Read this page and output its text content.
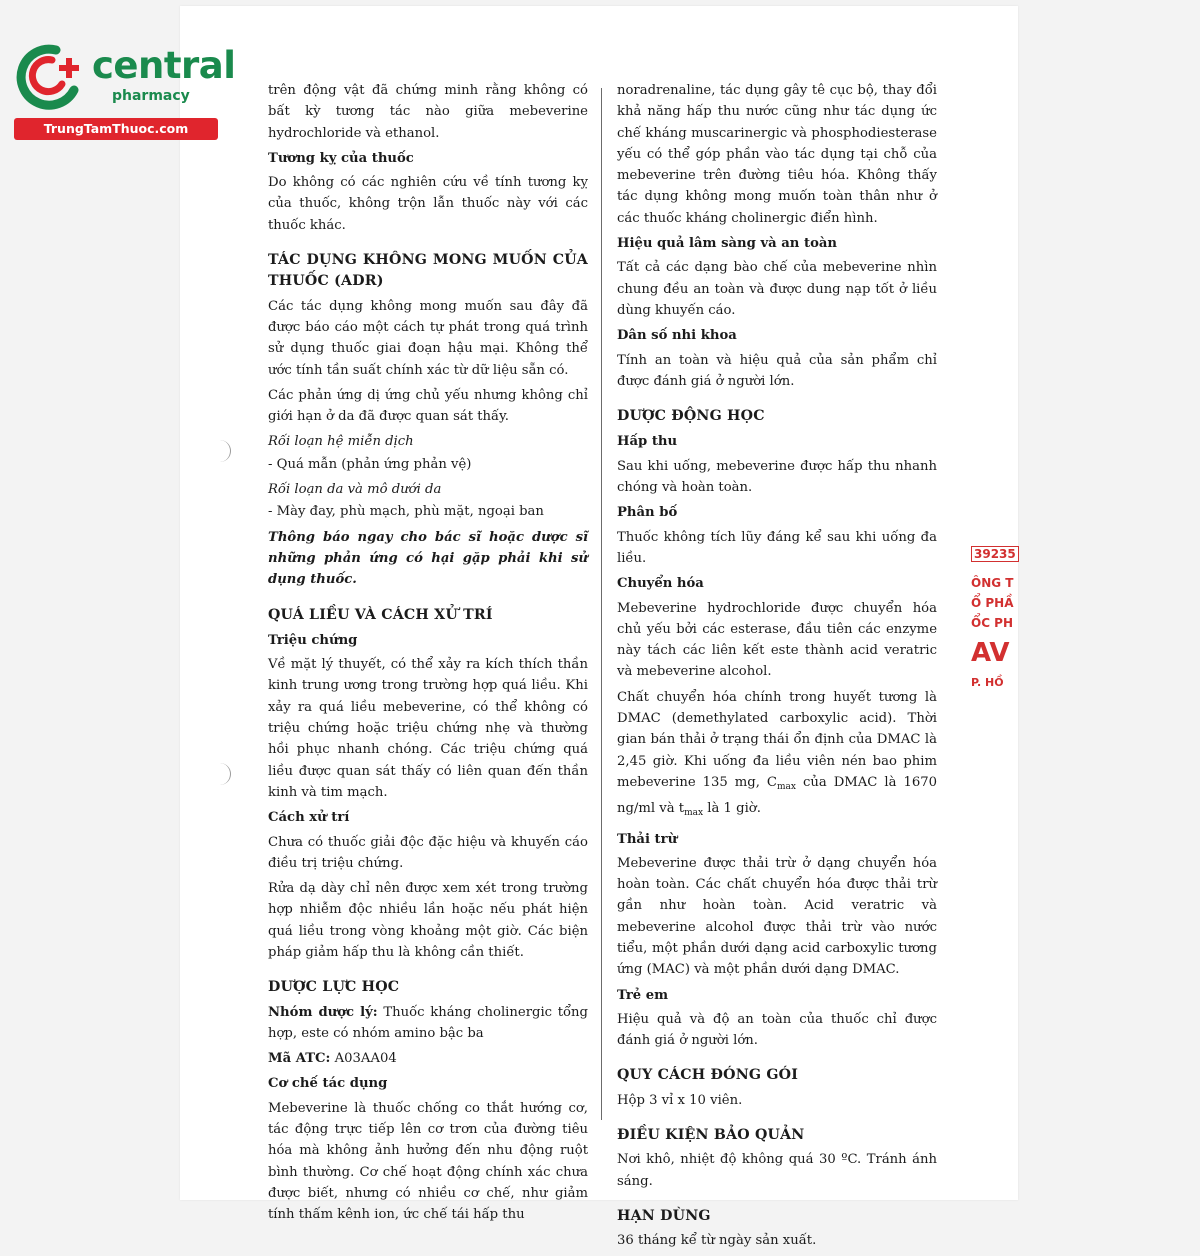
central
pharmacy
TrungTamThuoc.com

trên động vật đã chứng minh rằng không có bất kỳ tương tác nào giữa mebeverine hydrochloride và ethanol.

Tương kỵ của thuốc

Do không có các nghiên cứu về tính tương kỵ của thuốc, không trộn lẫn thuốc này với các thuốc khác.

TÁC DỤNG KHÔNG MONG MUỐN CỦA THUỐC (ADR)

Các tác dụng không mong muốn sau đây đã được báo cáo một cách tự phát trong quá trình sử dụng thuốc giai đoạn hậu mại. Không thể ước tính tần suất chính xác từ dữ liệu sẵn có.

Các phản ứng dị ứng chủ yếu nhưng không chỉ giới hạn ở da đã được quan sát thấy.

Rối loạn hệ miễn dịch

- Quá mẫn (phản ứng phản vệ)

Rối loạn da và mô dưới da

- Mày đay, phù mạch, phù mặt, ngoại ban

Thông báo ngay cho bác sĩ hoặc dược sĩ những phản ứng có hại gặp phải khi sử dụng thuốc.

QUÁ LIỀU VÀ CÁCH XỬ TRÍ

Triệu chứng

Về mặt lý thuyết, có thể xảy ra kích thích thần kinh trung ương trong trường hợp quá liều. Khi xảy ra quá liều mebeverine, có thể không có triệu chứng hoặc triệu chứng nhẹ và thường hồi phục nhanh chóng. Các triệu chứng quá liều được quan sát thấy có liên quan đến thần kinh và tim mạch.

Cách xử trí

Chưa có thuốc giải độc đặc hiệu và khuyến cáo điều trị triệu chứng.

Rửa dạ dày chỉ nên được xem xét trong trường hợp nhiễm độc nhiều lần hoặc nếu phát hiện quá liều trong vòng khoảng một giờ. Các biện pháp giảm hấp thu là không cần thiết.

DƯỢC LỰC HỌC

Nhóm dược lý: Thuốc kháng cholinergic tổng hợp, este có nhóm amino bậc ba

Mã ATC: A03AA04

Cơ chế tác dụng

Mebeverine là thuốc chống co thắt hướng cơ, tác động trực tiếp lên cơ trơn của đường tiêu hóa mà không ảnh hưởng đến nhu động ruột bình thường. Cơ chế hoạt động chính xác chưa được biết, nhưng có nhiều cơ chế, như giảm tính thấm kênh ion, ức chế tái hấp thu

noradrenaline, tác dụng gây tê cục bộ, thay đổi khả năng hấp thu nước cũng như tác dụng ức chế kháng muscarinergic và phosphodiesterase yếu có thể góp phần vào tác dụng tại chỗ của mebeverine trên đường tiêu hóa. Không thấy tác dụng không mong muốn toàn thân như ở các thuốc kháng cholinergic điển hình.

Hiệu quả lâm sàng và an toàn

Tất cả các dạng bào chế của mebeverine nhìn chung đều an toàn và được dung nạp tốt ở liều dùng khuyến cáo.

Dân số nhi khoa

Tính an toàn và hiệu quả của sản phẩm chỉ được đánh giá ở người lớn.

DƯỢC ĐỘNG HỌC

Hấp thu

Sau khi uống, mebeverine được hấp thu nhanh chóng và hoàn toàn.

Phân bố

Thuốc không tích lũy đáng kể sau khi uống đa liều.

Chuyển hóa

Mebeverine hydrochloride được chuyển hóa chủ yếu bởi các esterase, đầu tiên các enzyme này tách các liên kết este thành acid veratric và mebeverine alcohol.

Chất chuyển hóa chính trong huyết tương là DMAC (demethylated carboxylic acid). Thời gian bán thải ở trạng thái ổn định của DMAC là 2,45 giờ. Khi uống đa liều viên nén bao phim mebeverine 135 mg, $C_{max}$ của DMAC là 1670 ng/ml và $t_{max}$ là 1 giờ.

Thải trừ

Mebeverine được thải trừ ở dạng chuyển hóa hoàn toàn. Các chất chuyển hóa được thải trừ gần như hoàn toàn. Acid veratric và mebeverine alcohol được thải trừ vào nước tiểu, một phần dưới dạng acid carboxylic tương ứng (MAC) và một phần dưới dạng DMAC.

Trẻ em

Hiệu quả và độ an toàn của thuốc chỉ được đánh giá ở người lớn.

QUY CÁCH ĐÓNG GÓI

Hộp 3 vỉ x 10 viên.

ĐIỀU KIỆN BẢO QUẢN

Nơi khô, nhiệt độ không quá 30 ºC. Tránh ánh sáng.

HẠN DÙNG

36 tháng kể từ ngày sản xuất.

39235
ÔNG T
Ổ PHẦ
ỔC PH
AV
P. HỒ
